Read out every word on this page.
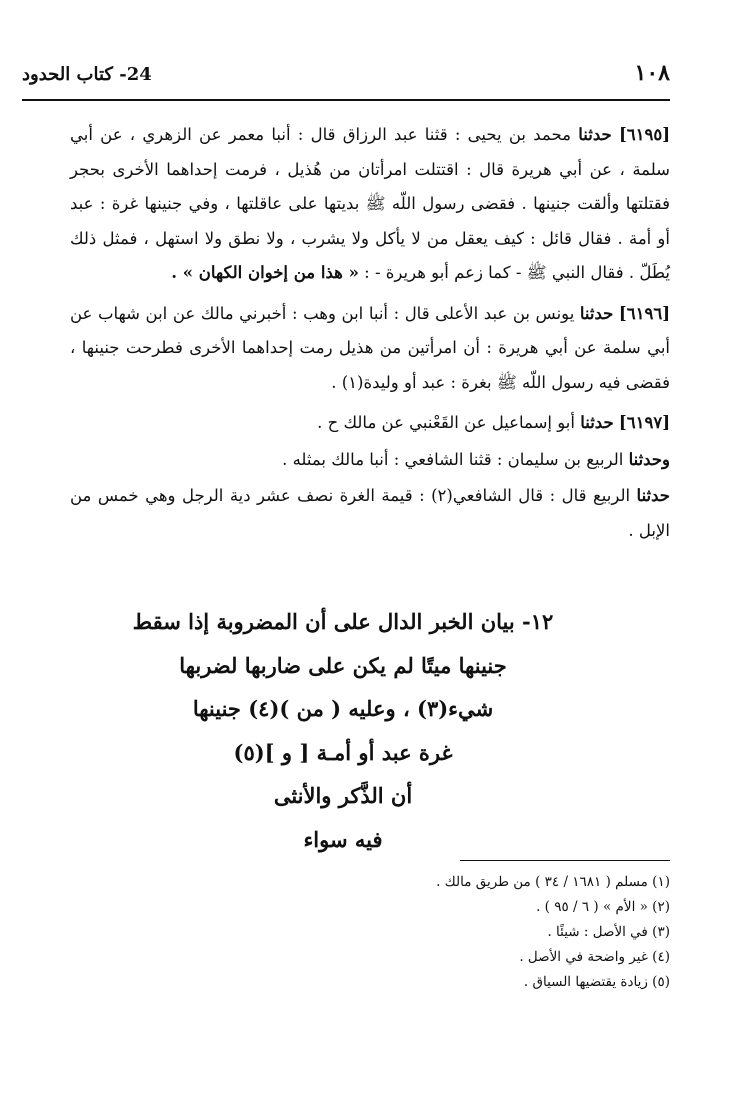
١٠٨
24- كتاب الحدود

[٦١٩٥] حدثنا محمد بن يحيى : قثنا عبد الرزاق قال : أنبا معمر عن الزهري ، عن أبي سلمة ، عن أبي هريرة قال : اقتتلت امرأتان من هُذيل ، فرمت إحداهما الأخرى بحجر فقتلتها وألقت جنينها . فقضى رسول اللّه ﷺ بديتها على عاقلتها ، وفي جنينها غرة : عبد أو أمة . فقال قائل : كيف يعقل من لا يأكل ولا يشرب ، ولا نطق ولا استهل ، فمثل ذلك يُطَلّ . فقال النبي ﷺ - كما زعم أبو هريرة - : « هذا من إخوان الكهان » .

[٦١٩٦] حدثنا يونس بن عبد الأعلى قال : أنبا ابن وهب : أخبرني مالك عن ابن شهاب عن أبي سلمة عن أبي هريرة : أن امرأتين من هذيل رمت إحداهما الأخرى فطرحت جنينها ، فقضى فيه رسول اللّه ﷺ بغرة : عبد أو وليدة(١) .

[٦١٩٧] حدثنا أبو إسماعيل عن القَعْنبي عن مالك ح .

وحدثنا الربيع بن سليمان : قثنا الشافعي : أنبا مالك بمثله .

حدثنا الربيع قال : قال الشافعي(٢) : قيمة الغرة نصف عشر دية الرجل وهي خمس من الإبل .

١٢- بيان الخبر الدال على أن المضروبة إذا سقط
جنينها ميتًا لم يكن على ضاربها لضربها
شيء(٣) ، وعليه ( من )(٤) جنينها
غرة عبد أو أمـة [ و ](٥)
أن الذَّكر والأنثى
فيه سواء
(١) مسلم ( ١٦٨١ / ٣٤ ) من طريق مالك .
(٢) « الأم » ( ٦ / ٩٥ ) .
(٣) في الأصل : شيئًا .
(٤) غير واضحة في الأصل .
(٥) زيادة يقتضيها السياق .
